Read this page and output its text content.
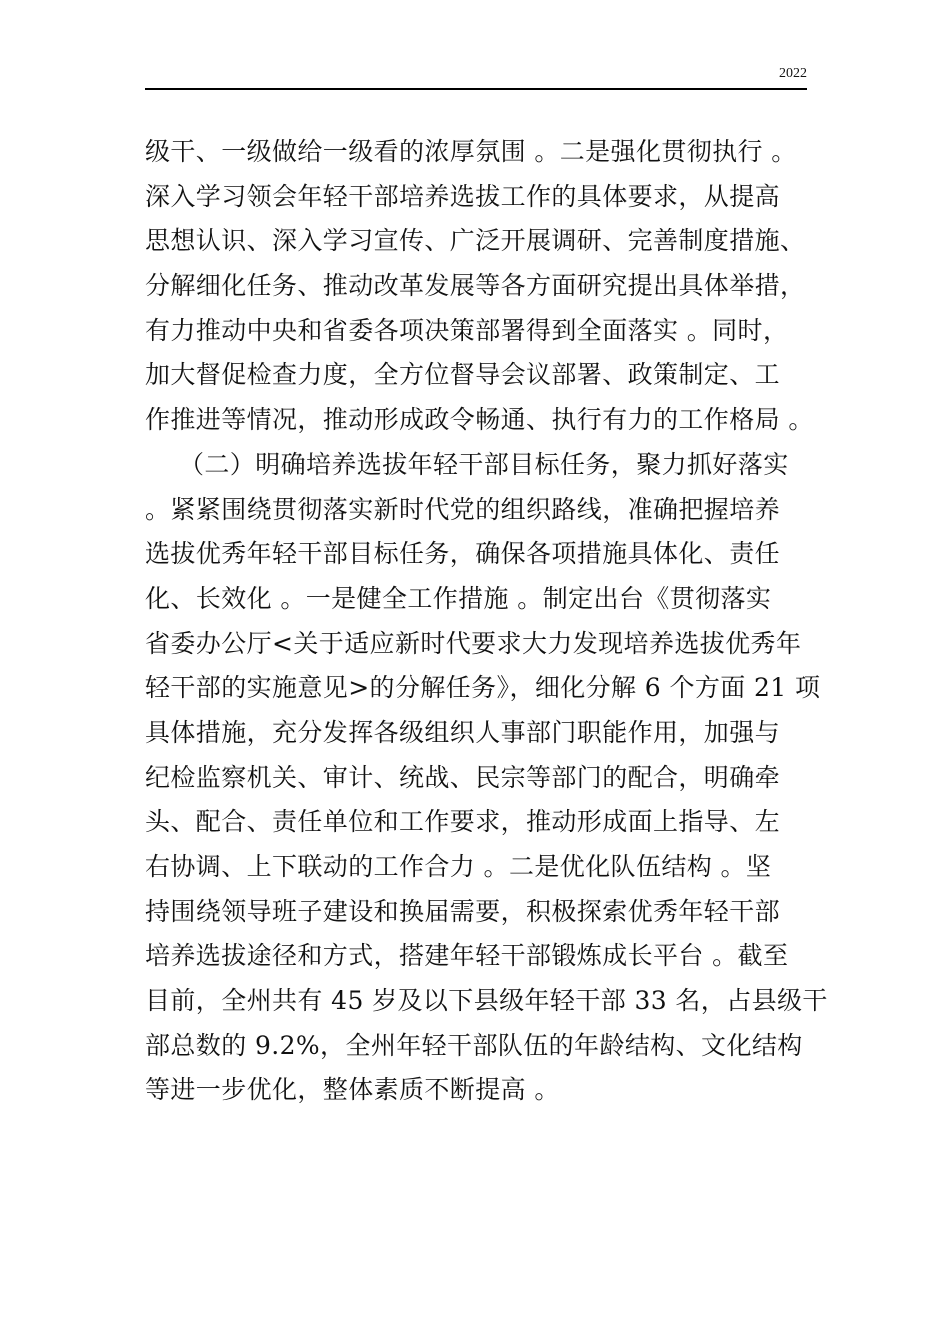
2022
级干、一级做给一级看的浓厚氛围 。二是强化贯彻执行 。
深入学习领会年轻干部培养选拔工作的具体要求，从提高
思想认识、深入学习宣传、广泛开展调研、完善制度措施、
分解细化任务、推动改革发展等各方面研究提出具体举措，
有力推动中央和省委各项决策部署得到全面落实 。同时，
加大督促检查力度，全方位督导会议部署、政策制定、工
作推进等情况，推动形成政令畅通、执行有力的工作格局 。
（二）明确培养选拔年轻干部目标任务，聚力抓好落实
。紧紧围绕贯彻落实新时代党的组织路线，准确把握培养
选拔优秀年轻干部目标任务，确保各项措施具体化、责任
化、长效化 。一是健全工作措施 。制定出台《贯彻落实
省委办公厅<关于适应新时代要求大力发现培养选拔优秀年
轻干部的实施意见>的分解任务》，细化分解 6 个方面 21 项
具体措施，充分发挥各级组织人事部门职能作用，加强与
纪检监察机关、审计、统战、民宗等部门的配合，明确牵
头、配合、责任单位和工作要求，推动形成面上指导、左
右协调、上下联动的工作合力 。二是优化队伍结构 。坚
持围绕领导班子建设和换届需要，积极探索优秀年轻干部
培养选拔途径和方式，搭建年轻干部锻炼成长平台 。截至
目前，全州共有 45 岁及以下县级年轻干部 33 名，占县级干
部总数的 9.2%，全州年轻干部队伍的年龄结构、文化结构
等进一步优化，整体素质不断提高 。
